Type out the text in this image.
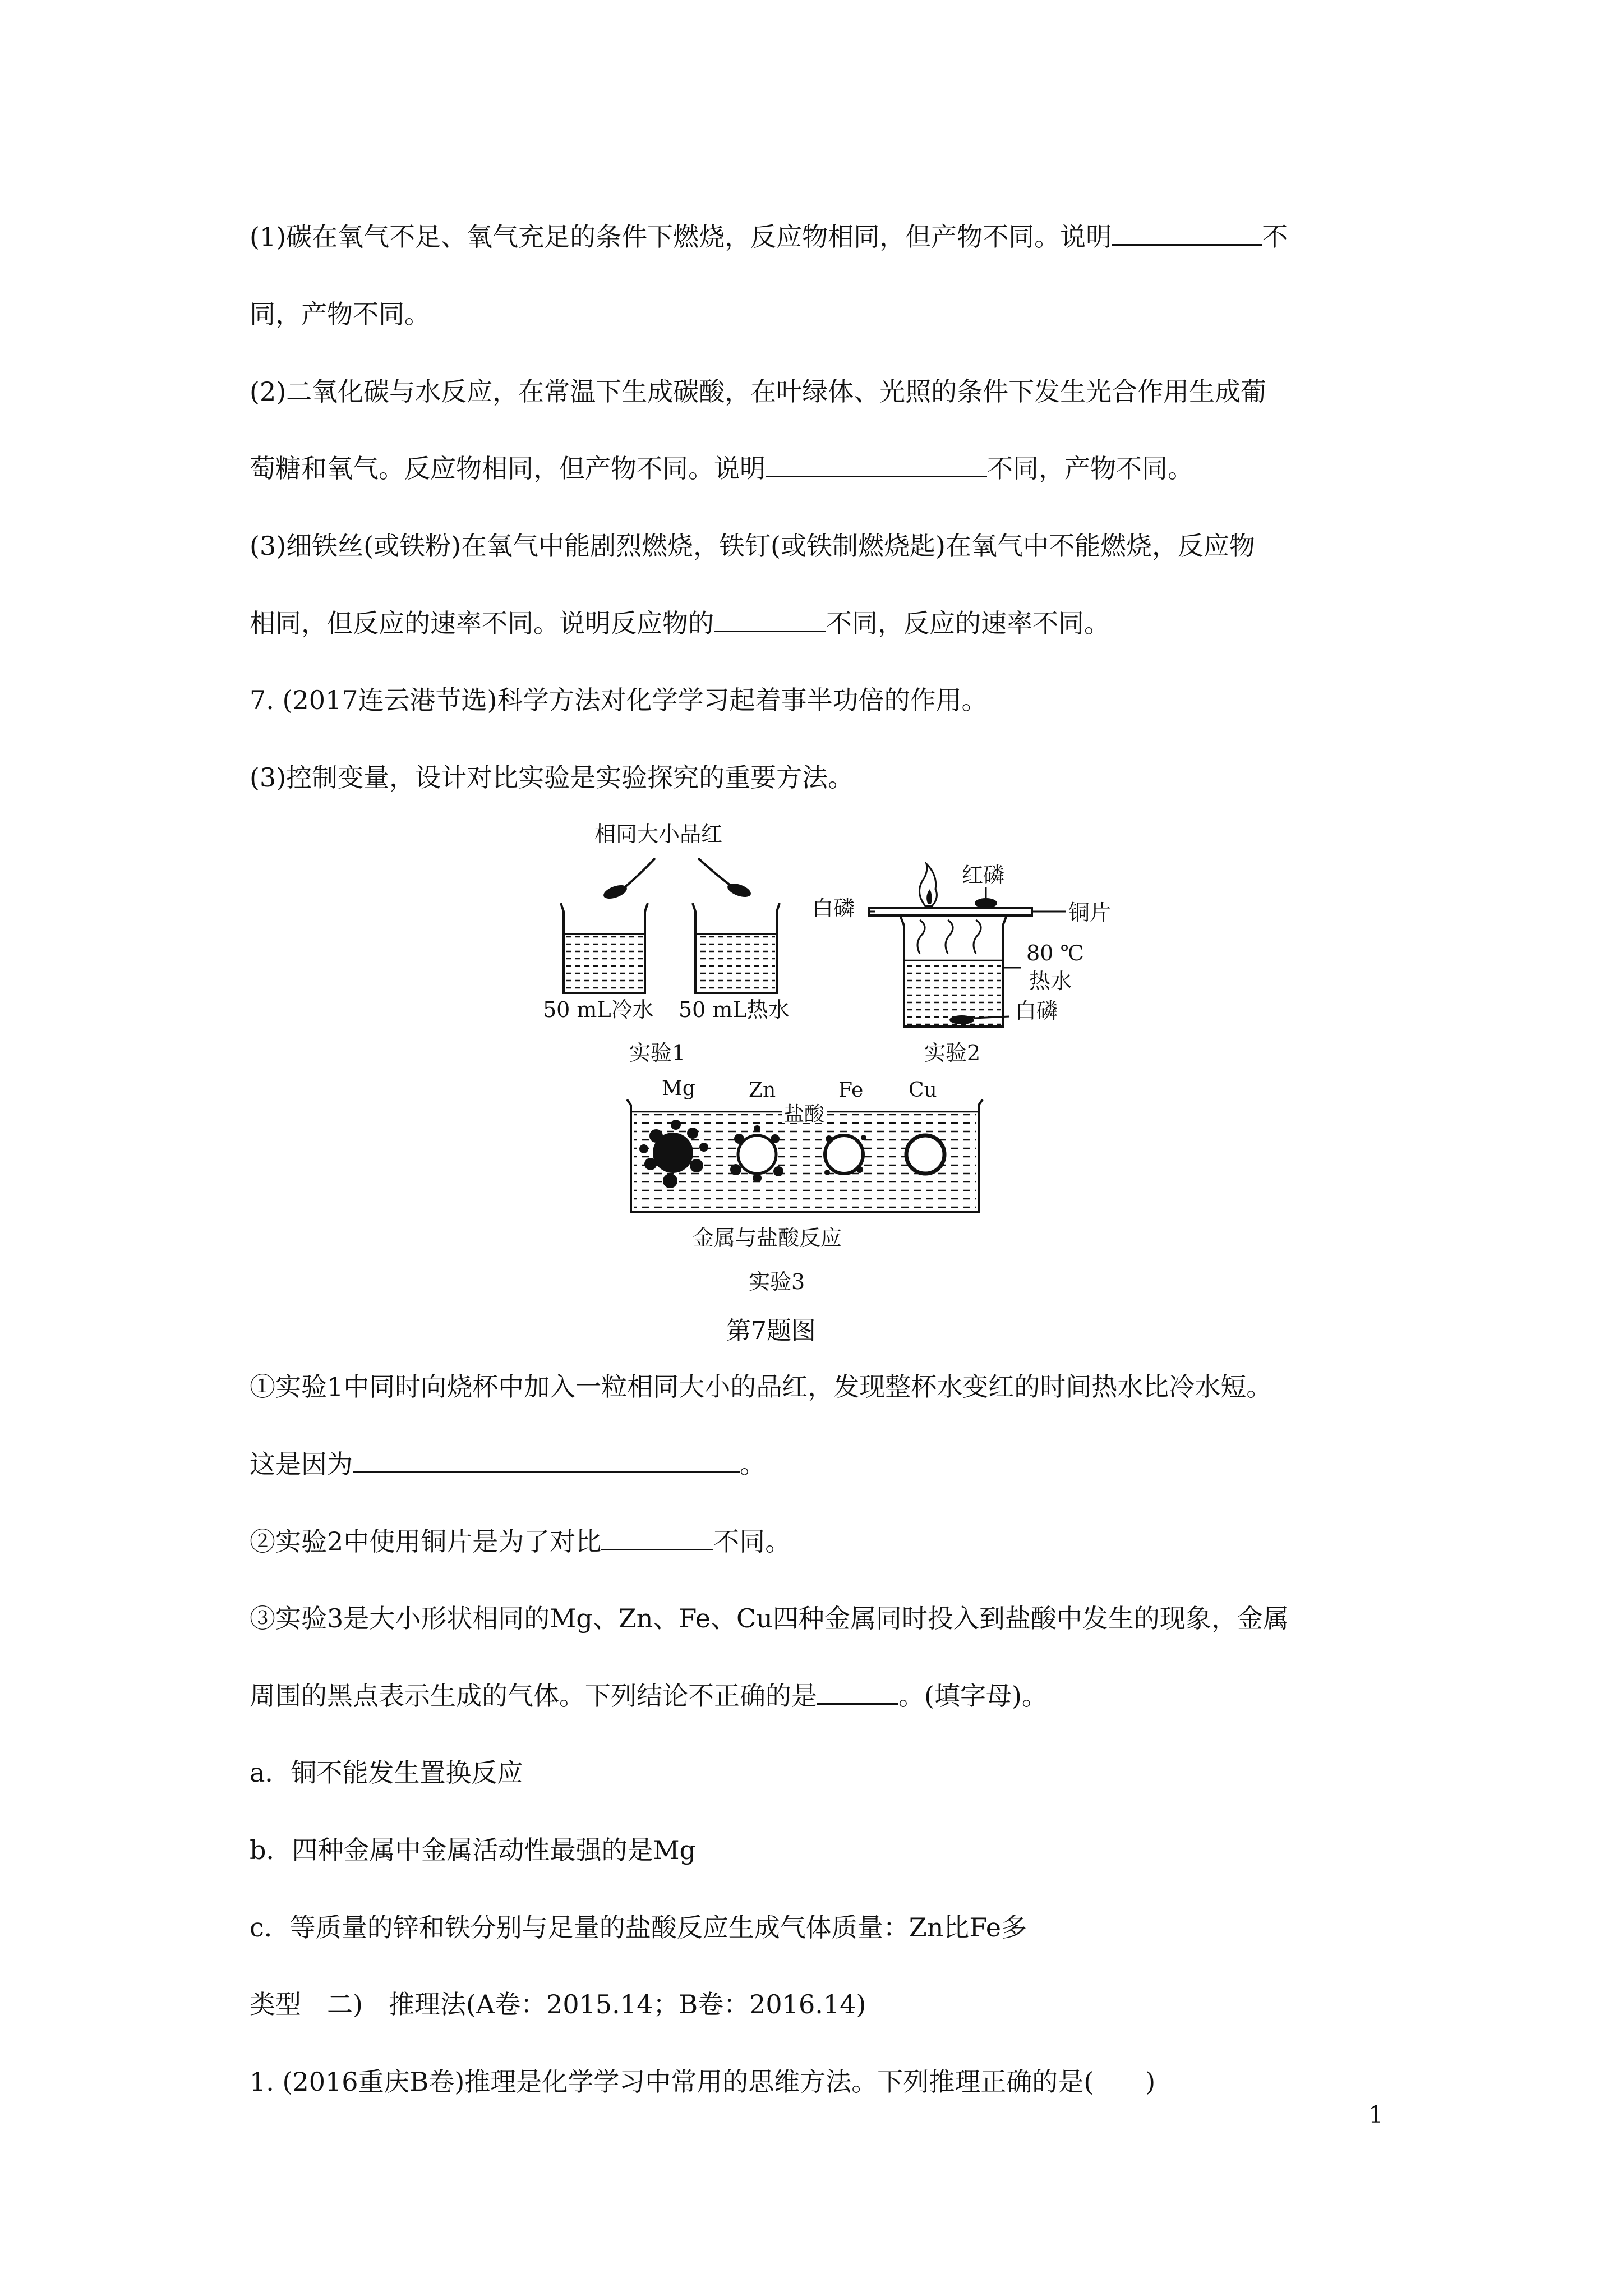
(1)碳在氧气不足、氧气充足的条件下燃烧，反应物相同，但产物不同。说明	不
同，产物不同。
(2)二氧化碳与水反应，在常温下生成碳酸，在叶绿体、光照的条件下发生光合作用生成葡
萄糖和氧气。反应物相同，但产物不同。说明	不同，产物不同。
(3)细铁丝(或铁粉)在氧气中能剧烈燃烧，铁钉(或铁制燃烧匙)在氧气中不能燃烧，反应物
相同，但反应的速率不同。说明反应物的	不同，反应的速率不同。
7. (2017连云港节选)科学方法对化学学习起着事半功倍的作用。
(3)控制变量，设计对比实验是实验探究的重要方法。
相同大小品红
50 mL冷水 50 mL热水
实验1
红磷
白磷	铜片
80 ℃
热水
白磷
实验2
Mg	Zn	Fe Cu
盐酸
金属与盐酸反应
实验3
第7题图
①实验1中同时向烧杯中加入一粒相同大小的品红，发现整杯水变红的时间热水比冷水短。
这是因为	。
②实验2中使用铜片是为了对比	不同。
③实验3是大小形状相同的Mg、Zn、Fe、Cu四种金属同时投入到盐酸中发生的现象，金属
周围的黑点表示生成的气体。下列结论不正确的是	。(填字母)。
a．铜不能发生置换反应
b．四种金属中金属活动性最强的是Mg
c．等质量的锌和铁分别与足量的盐酸反应生成气体质量：Zn比Fe多
类型　二)　推理法(A卷：2015.14；B卷：2016.14)
1. (2016重庆B卷)推理是化学学习中常用的思维方法。下列推理正确的是(　　)
1
